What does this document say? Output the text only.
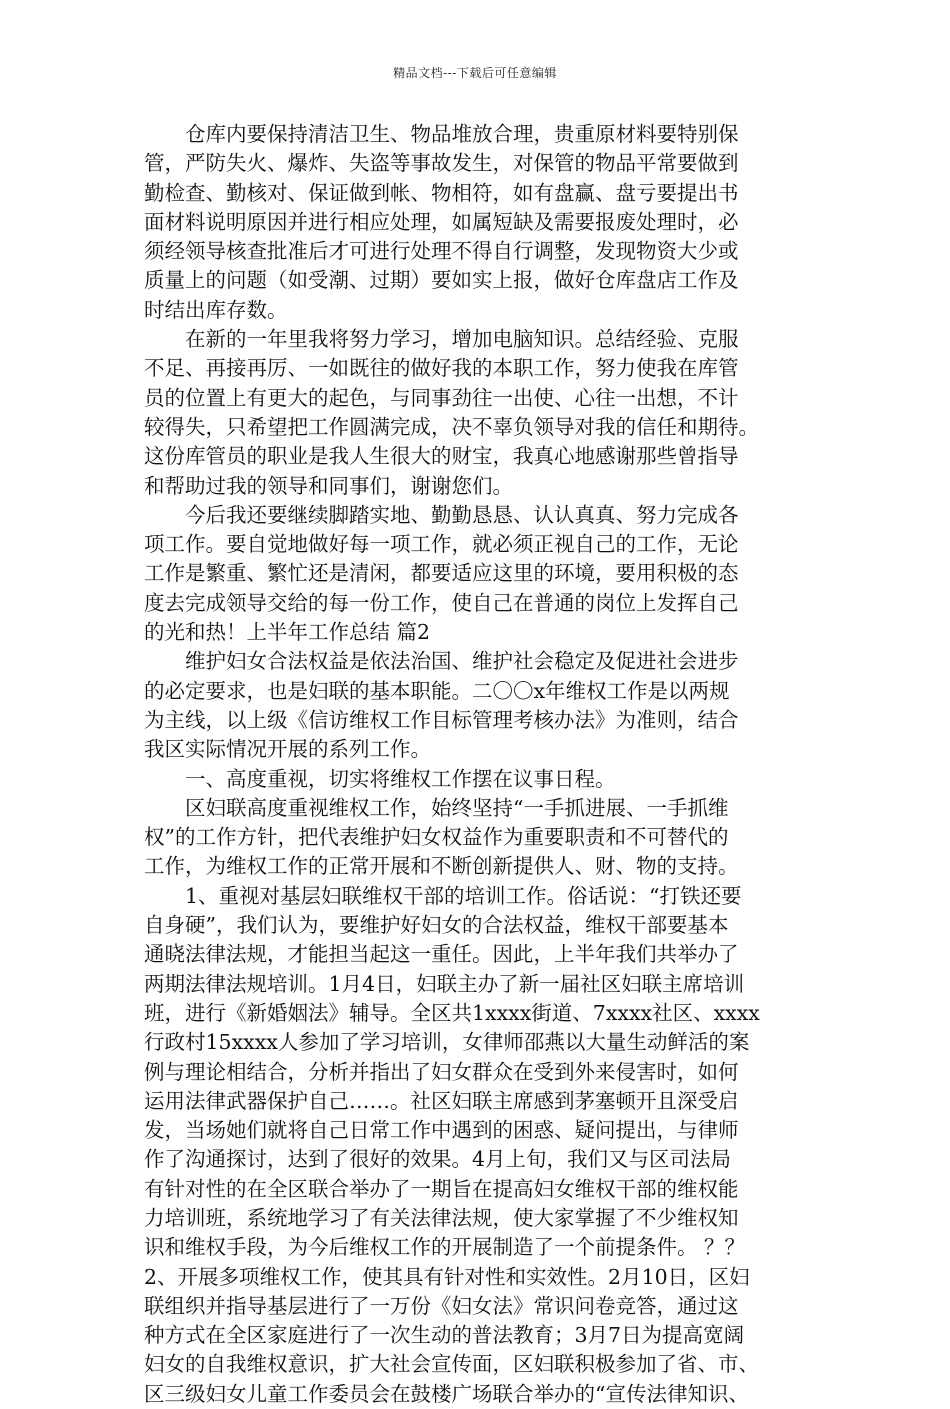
精品文档---下载后可任意编辑
　　仓库内要保持清洁卫生、物品堆放合理，贵重原材料要特别保
管，严防失火、爆炸、失盗等事故发生，对保管的物品平常要做到
勤检查、勤核对、保证做到帐、物相符，如有盘赢、盘亏要提出书
面材料说明原因并进行相应处理，如属短缺及需要报废处理时，必
须经领导核查批准后才可进行处理不得自行调整，发现物资大少或
质量上的问题（如受潮、过期）要如实上报，做好仓库盘店工作及
时结出库存数。
　　在新的一年里我将努力学习，增加电脑知识。总结经验、克服
不足、再接再厉、一如既往的做好我的本职工作，努力使我在库管
员的位置上有更大的起色，与同事劲往一出使、心往一出想，不计
较得失，只希望把工作圆满完成，决不辜负领导对我的信任和期待。
这份库管员的职业是我人生很大的财宝，我真心地感谢那些曾指导
和帮助过我的领导和同事们，谢谢您们。
　　今后我还要继续脚踏实地、勤勤恳恳、认认真真、努力完成各
项工作。要自觉地做好每一项工作，就必须正视自己的工作，无论
工作是繁重、繁忙还是清闲，都要适应这里的环境，要用积极的态
度去完成领导交给的每一份工作，使自己在普通的岗位上发挥自己
的光和热！上半年工作总结 篇2
　　维护妇女合法权益是依法治国、维护社会稳定及促进社会进步
的必定要求，也是妇联的基本职能。二〇〇x年维权工作是以两规
为主线，以上级《信访维权工作目标管理考核办法》为准则，结合
我区实际情况开展的系列工作。
　　一、高度重视，切实将维权工作摆在议事日程。
　　区妇联高度重视维权工作，始终坚持“一手抓进展、一手抓维
权”的工作方针，把代表维护妇女权益作为重要职责和不可替代的
工作，为维权工作的正常开展和不断创新提供人、财、物的支持。
　　1、重视对基层妇联维权干部的培训工作。俗话说：“打铁还要
自身硬”，我们认为，要维护好妇女的合法权益，维权干部要基本
通晓法律法规，才能担当起这一重任。因此，上半年我们共举办了
两期法律法规培训。1月4日，妇联主办了新一届社区妇联主席培训
班，进行《新婚姻法》辅导。全区共1xxxx街道、7xxxx社区、xxxx
行政村15xxxx人参加了学习培训，女律师邵燕以大量生动鲜活的案
例与理论相结合，分析并指出了妇女群众在受到外来侵害时，如何
运用法律武器保护自己……。社区妇联主席感到茅塞顿开且深受启
发，当场她们就将自己日常工作中遇到的困惑、疑问提出，与律师
作了沟通探讨，达到了很好的效果。4月上旬，我们又与区司法局
有针对性的在全区联合举办了一期旨在提高妇女维权干部的维权能
力培训班，系统地学习了有关法律法规，使大家掌握了不少维权知
识和维权手段，为今后维权工作的开展制造了一个前提条件。 ？？
2、开展多项维权工作，使其具有针对性和实效性。2月10日，区妇
联组织并指导基层进行了一万份《妇女法》常识问卷竞答，通过这
种方式在全区家庭进行了一次生动的普法教育；3月7日为提高宽阔
妇女的自我维权意识，扩大社会宣传面，区妇联积极参加了省、市、
区三级妇女儿童工作委员会在鼓楼广场联合举办的“宣传法律知识、
